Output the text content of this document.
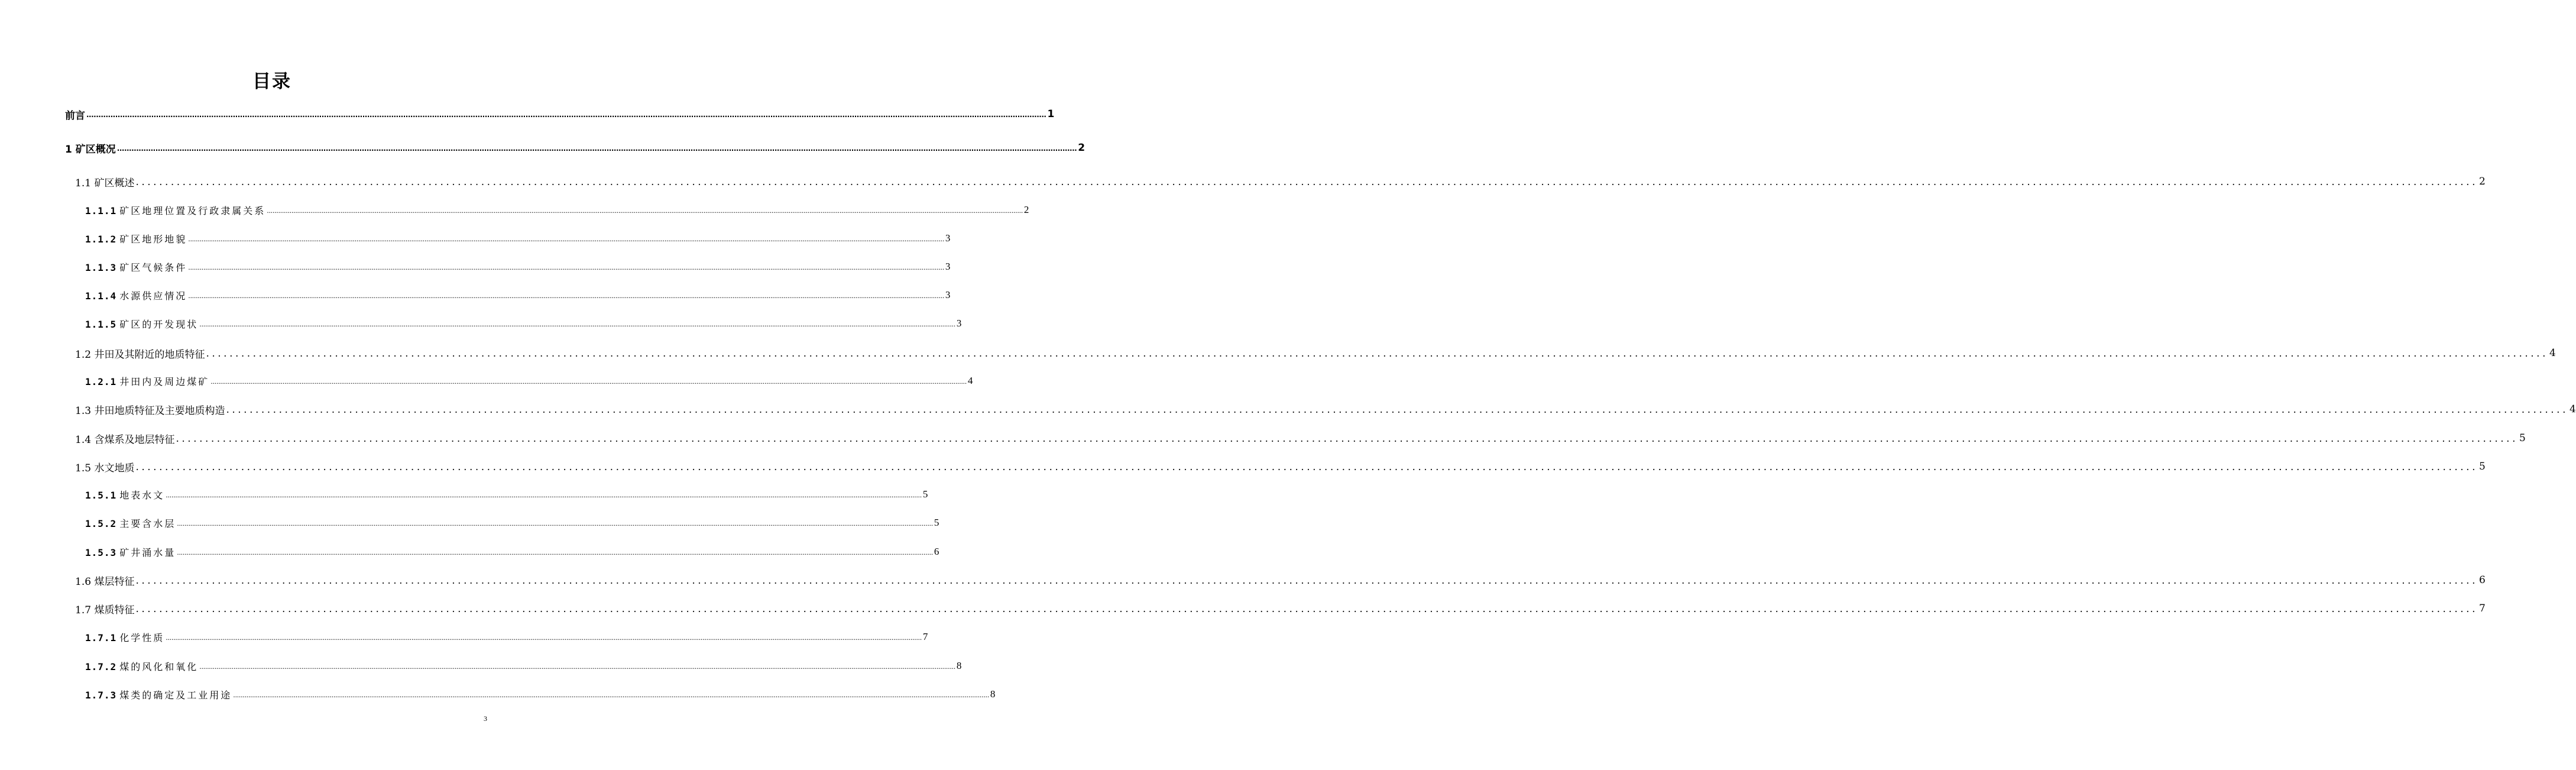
目录
前言 ................................................................................................................................................................................................................................................................................................................................................................................................................ 1
1 矿区概况 ................................................................................................................................................................................................................................................................................................................................................................................................................ 2
1.1 矿区概述 ................................................................................................................................................................................................................................................................................................................................................................................................................ 2
1.1.1 矿区地理位置及行政隶属关系 ................................................................................................................................................................................................................................................................................................................................................................................................................ 2
1.1.2 矿区地形地貌 ................................................................................................................................................................................................................................................................................................................................................................................................................ 3
1.1.3 矿区气候条件 ................................................................................................................................................................................................................................................................................................................................................................................................................ 3
1.1.4 水源供应情况 ................................................................................................................................................................................................................................................................................................................................................................................................................ 3
1.1.5 矿区的开发现状 ................................................................................................................................................................................................................................................................................................................................................................................................................ 3
1.2 井田及其附近的地质特征 ................................................................................................................................................................................................................................................................................................................................................................................................................ 4
1.2.1 井田内及周边煤矿 ................................................................................................................................................................................................................................................................................................................................................................................................................ 4
1.3 井田地质特征及主要地质构造 ................................................................................................................................................................................................................................................................................................................................................................................................................ 4
1.4 含煤系及地层特征 ................................................................................................................................................................................................................................................................................................................................................................................................................ 5
1.5 水文地质 ................................................................................................................................................................................................................................................................................................................................................................................................................ 5
1.5.1 地表水文 ................................................................................................................................................................................................................................................................................................................................................................................................................ 5
1.5.2 主要含水层 ................................................................................................................................................................................................................................................................................................................................................................................................................ 5
1.5.3 矿井涌水量 ................................................................................................................................................................................................................................................................................................................................................................................................................ 6
1.6 煤层特征 ................................................................................................................................................................................................................................................................................................................................................................................................................ 6
1.7 煤质特征 ................................................................................................................................................................................................................................................................................................................................................................................................................ 7
1.7.1 化学性质 ................................................................................................................................................................................................................................................................................................................................................................................................................ 7
1.7.2 煤的风化和氧化 ................................................................................................................................................................................................................................................................................................................................................................................................................ 8
1.7.3 煤类的确定及工业用途 ................................................................................................................................................................................................................................................................................................................................................................................................................ 8
3
